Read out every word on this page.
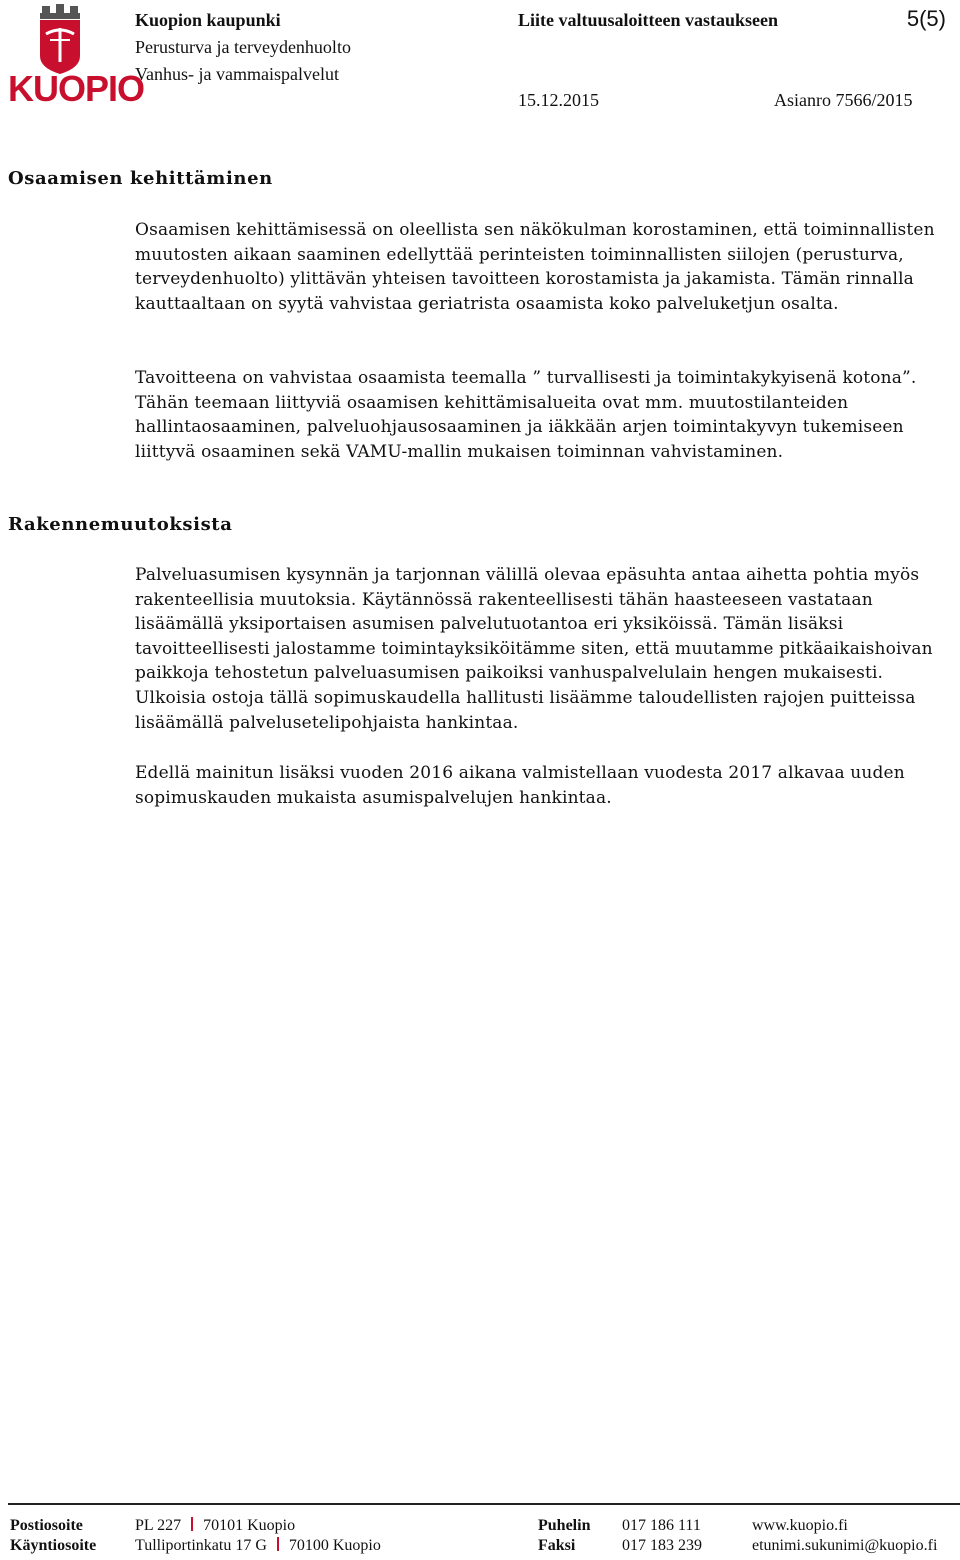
KUOPIO
Kuopion kaupunki
Perusturva ja terveydenhuolto
Vanhus- ja vammaispalvelut
Liite valtuusaloitteen vastaukseen	5(5)
15.12.2015	Asianro 7566/2015
Osaamisen kehittäminen

Osaamisen kehittämisessä on oleellista sen näkökulman korostaminen, että toiminnallisten muutosten aikaan saaminen edellyttää perinteisten toiminnallisten siilojen (perusturva, terveydenhuolto) ylittävän yhteisen tavoitteen korostamista ja jakamista. Tämän rinnalla kauttaaltaan on syytä vahvistaa geriatrista osaamista koko palveluketjun osalta.

Tavoitteena on vahvistaa osaamista teemalla ” turvallisesti ja toimintakykyisenä kotona”. Tähän teemaan liittyviä osaamisen kehittämisalueita ovat mm. muutostilanteiden hallintaosaaminen, palveluohjausosaaminen ja iäkkään arjen toimintakyvyn tukemiseen liittyvä osaaminen sekä VAMU-mallin mukaisen toiminnan vahvistaminen.

Rakennemuutoksista

Palveluasumisen kysynnän ja tarjonnan välillä olevaa epäsuhta antaa aihetta pohtia myös rakenteellisia muutoksia. Käytännössä rakenteellisesti tähän haasteeseen vastataan lisäämällä yksiportaisen asumisen palvelutuotantoa eri yksiköissä. Tämän lisäksi tavoitteellisesti jalostamme toimintayksiköitämme siten, että muutamme pitkäaikaishoivan paikkoja tehostetun palveluasumisen paikoiksi vanhuspalvelulain hengen mukaisesti. Ulkoisia ostoja tällä sopimuskaudella hallitusti lisäämme taloudellisten rajojen puitteissa lisäämällä palvelusetelipohjaista hankintaa.

Edellä mainitun lisäksi vuoden 2016 aikana valmistellaan vuodesta 2017 alkavaa uuden sopimuskauden mukaista asumispalvelujen hankintaa.

Postiosoite	PL 227 70101 Kuopio	Puhelin 017 186 111	www.kuopio.fi
Käyntiosoite Tulliportinkatu 17 G 70100 Kuopio	Faksi	017 183 239	etunimi.sukunimi@kuopio.fi
